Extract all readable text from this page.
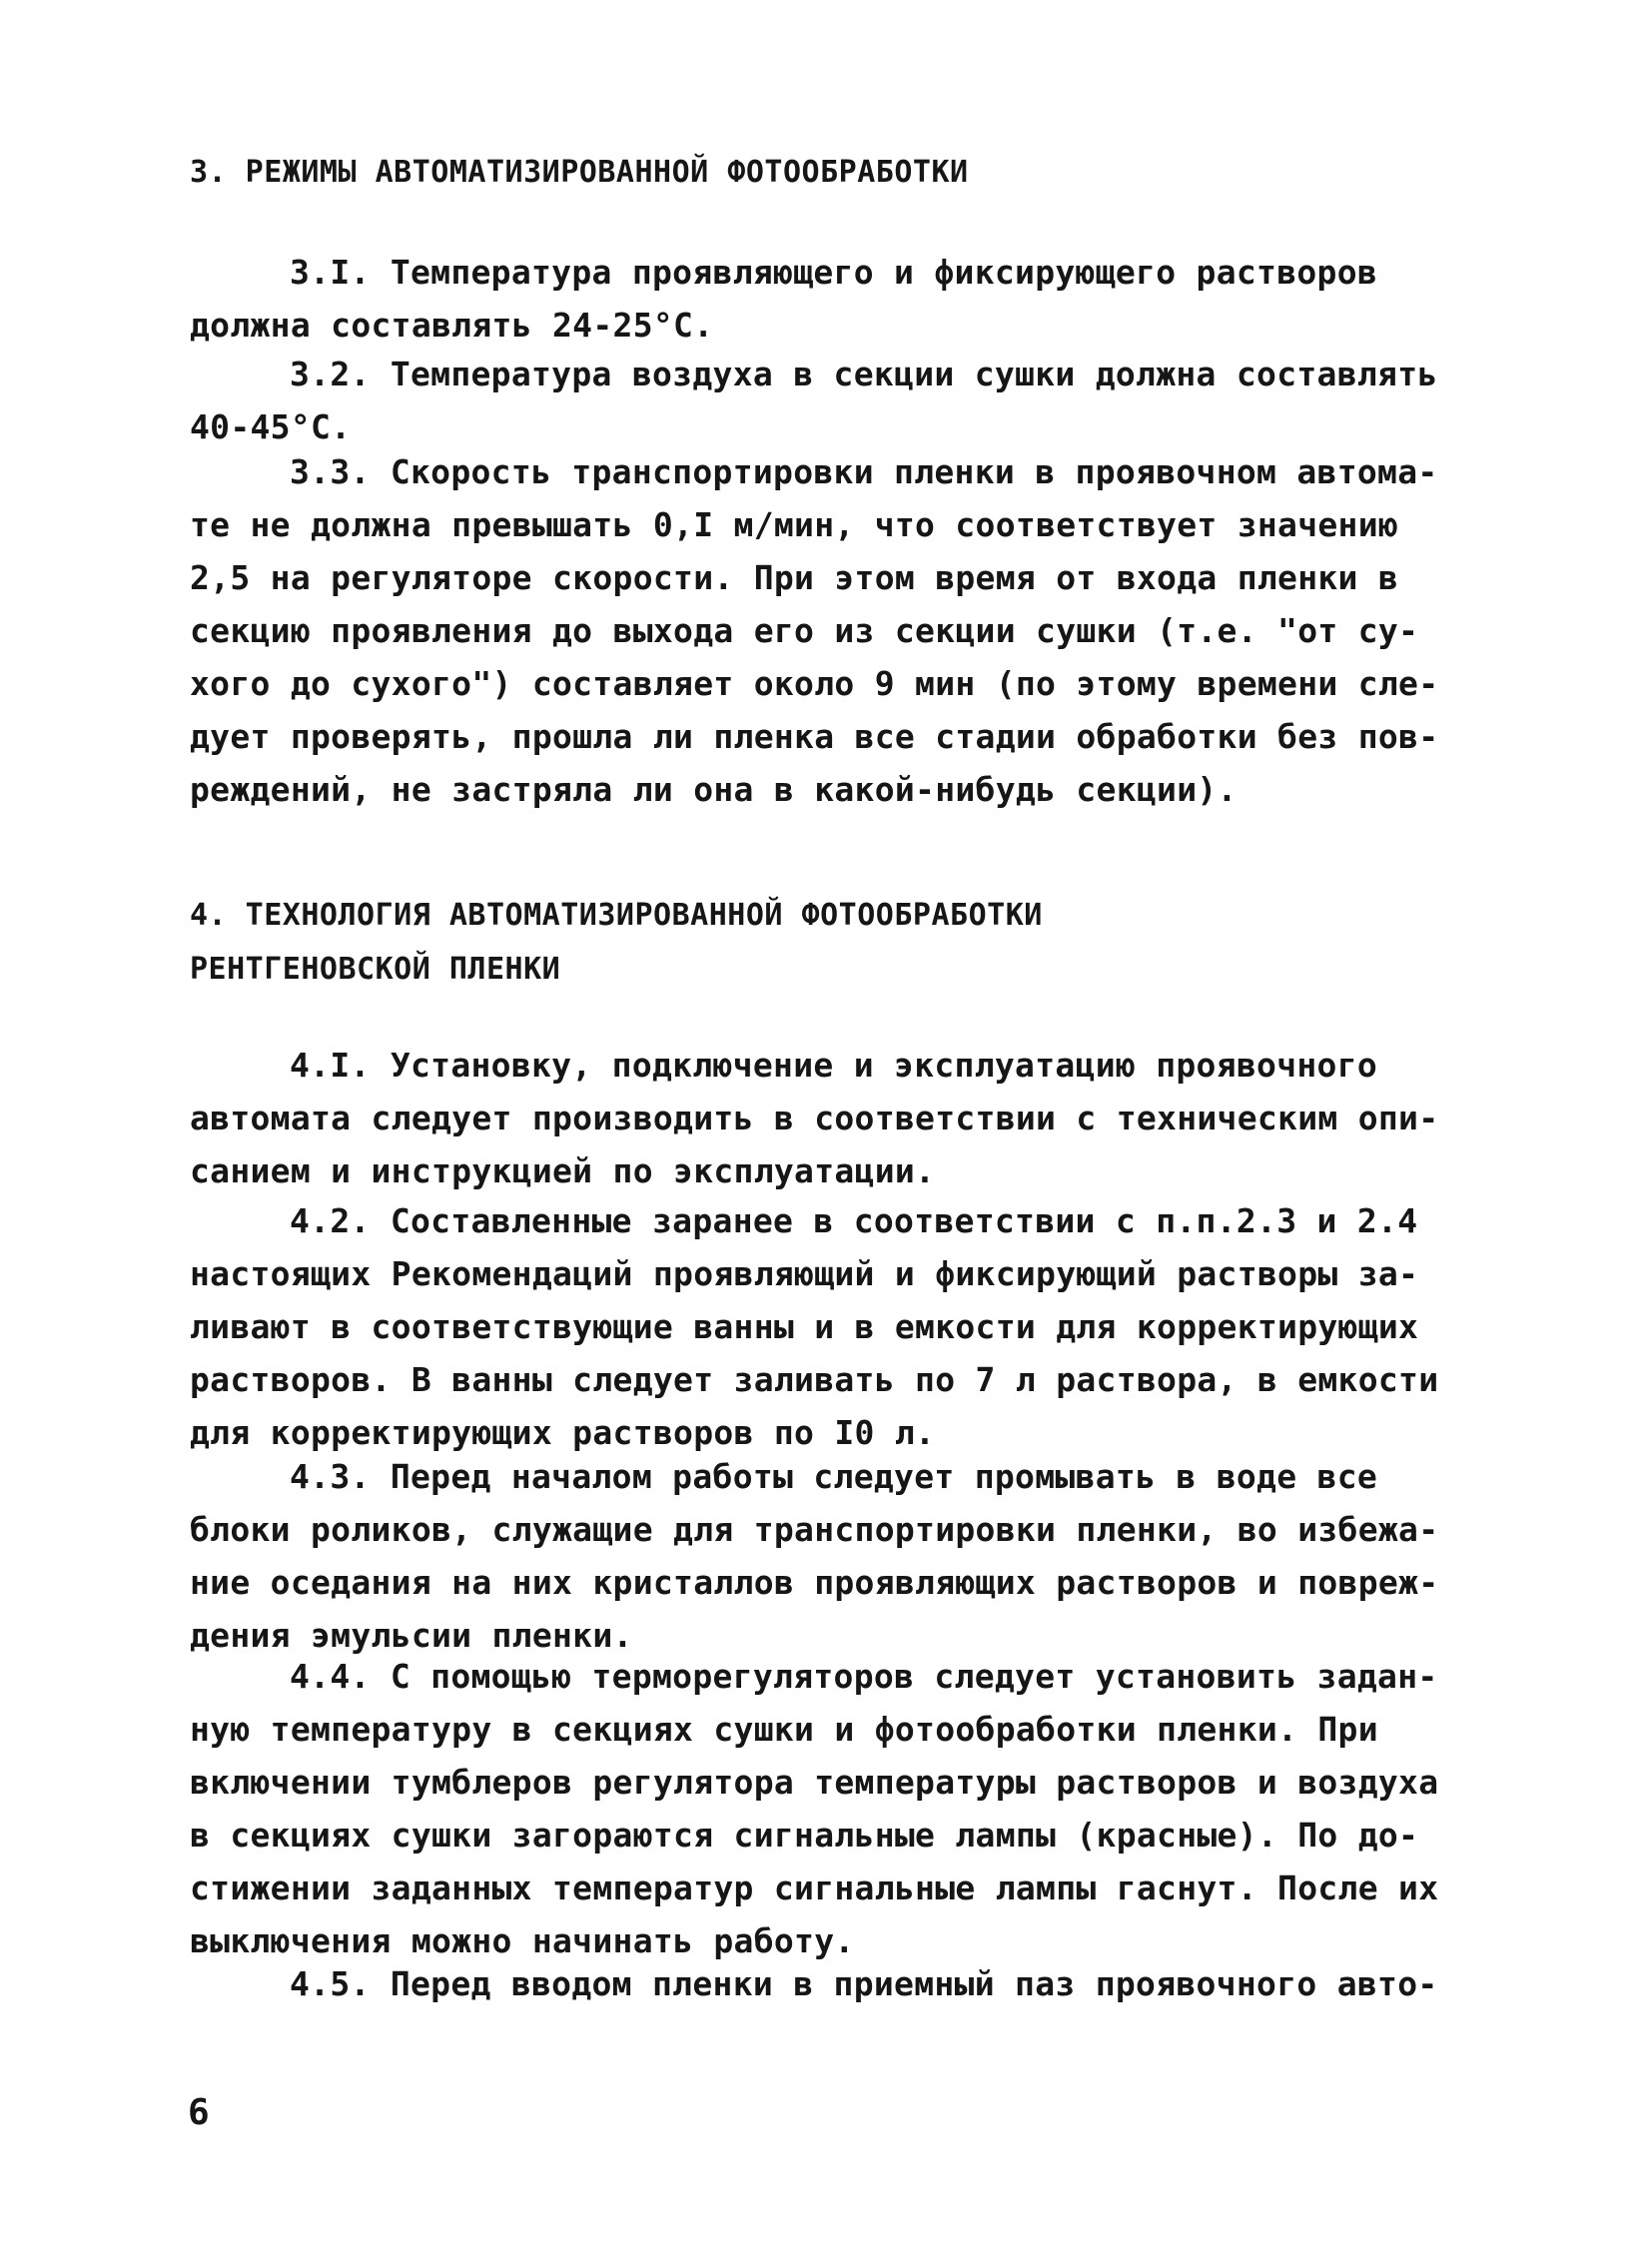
3. РЕЖИМЫ АВТОМАТИЗИРОВАННОЙ ФОТООБРАБОТКИ
3.I. Температура проявляющего и фиксирующего растворов
должна составлять 24-25°С.
3.2. Температура воздуха в секции сушки должна составлять
40-45°С.
3.3. Скорость транспортировки пленки в проявочном автома-
те не должна превышать 0,I м/мин, что соответствует значению
2,5 на регуляторе скорости. При этом время от входа пленки в
секцию проявления до выхода его из секции сушки (т.е. "от су-
хого до сухого") составляет около 9 мин (по этому времени сле-
дует проверять, прошла ли пленка все стадии обработки без пов-
реждений, не застряла ли она в какой-нибудь секции).
4. ТЕХНОЛОГИЯ АВТОМАТИЗИРОВАННОЙ ФОТООБРАБОТКИ
РЕНТГЕНОВСКОЙ ПЛЕНКИ
4.I. Установку, подключение и эксплуатацию проявочного
автомата следует производить в соответствии с техническим опи-
санием и инструкцией по эксплуатации.
4.2. Составленные заранее в соответствии с п.п.2.3 и 2.4
настоящих Рекомендаций проявляющий и фиксирующий растворы за-
ливают в соответствующие ванны и в емкости для корректирующих
растворов. В ванны следует заливать по 7 л раствора, в емкости
для корректирующих растворов по I0 л.
4.3. Перед началом работы следует промывать в воде все
блоки роликов, служащие для транспортировки пленки, во избежа-
ние оседания на них кристаллов проявляющих растворов и повреж-
дения эмульсии пленки.
4.4. С помощью терморегуляторов следует установить задан-
ную температуру в секциях сушки и фотообработки пленки. При
включении тумблеров регулятора температуры растворов и воздуха
в секциях сушки загораются сигнальные лампы (красные). По до-
стижении заданных температур сигнальные лампы гаснут. После их
выключения можно начинать работу.
4.5. Перед вводом пленки в приемный паз проявочного авто-
6
